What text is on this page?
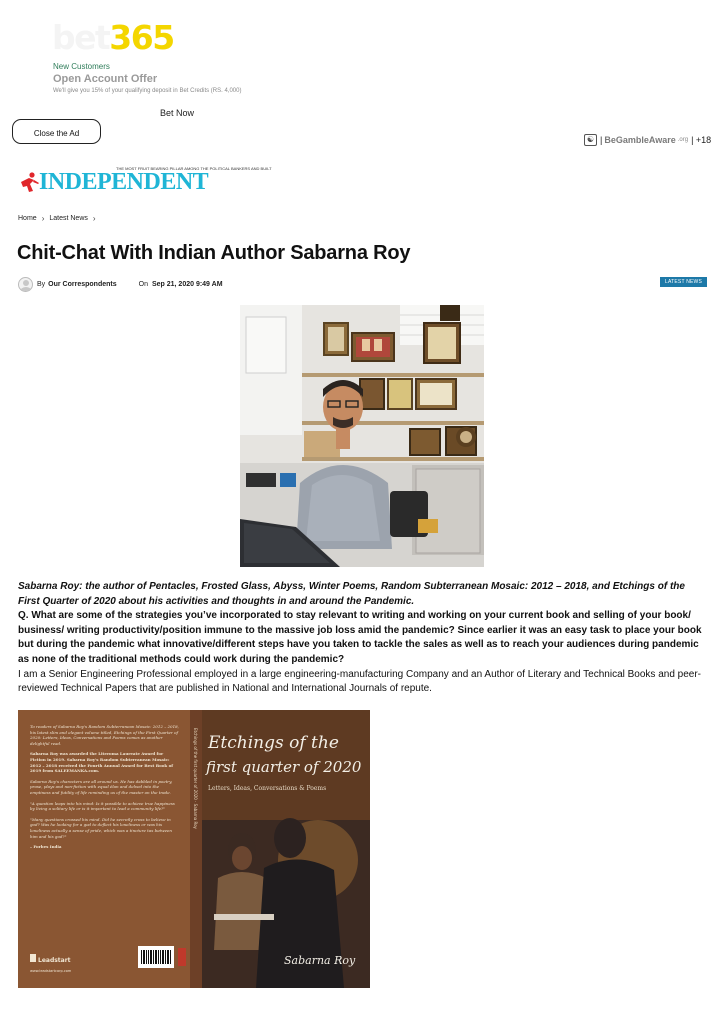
bet365
New Customers
Open Account Offer
We'll give you 15% of your qualifying deposit in Bet Credits (RS. 4,000)
Bet Now
Close the Ad
☯ | BeGambleAware .org | +18
THE MOST FRUIT BEARING PILLAR AMONG THE POLITICAL BANKERS AND BUILT
INDEPENDENT
Home › Latest News ›
Chit-Chat With Indian Author Sabarna Roy
By Our Correspondents	On Sep 21, 2020 9:49 AM	LATEST NEWS

Sabarna Roy: the author of Pentacles, Frosted Glass, Abyss, Winter Poems, Random Subterranean Mosaic: 2012 – 2018, and Etchings of the First Quarter of 2020 about his activities and thoughts in and around the Pandemic.

Q. What are some of the strategies you’ve incorporated to stay relevant to writing and working on your current book and selling of your book/ business/ writing productivity/position immune to the massive job loss amid the pandemic? Since earlier it was an easy task to place your book but during the pandemic what innovative/different steps have you taken to tackle the sales as well as to reach your audiences during pandemic as none of the traditional methods could work during the pandemic?

I am a Senior Engineering Professional employed in a large engineering-manufacturing Company and an Author of Literary and Technical Books and peer-reviewed Technical Papers that are published in National and International Journals of repute.

Etchings of the
first quarter of 2020
Letters, Ideas, Conversations & Poems
Sabarna Roy
Etchings of the first quarter of 2020 · Sabarna Roy
To readers of Sabarna Roy's Random Subterranean Mosaic: 2012 – 2018, his latest slim and elegant volume titled, Etchings of the First Quarter of 2020: Letters, Ideas, Conversations and Poems comes as another delightful read.
Sabarna Roy was awarded the Literoma Laureate Award for Fiction in 2019. Sabarna Roy's Random Subterranean Mosaic: 2012 – 2018 received the Fourth Annual Award for Best Book of 2019 from SALEEMANKA.com.
Sabarna Roy's characters are all around us. He has dabbled in poetry, prose, plays and non-fiction with equal élan and delved into the emptiness and futility of life reminding us of the master on the trade.
"A question leaps into his mind: Is it possible to achieve true happiness by living a solitary life or is it important to lead a community life?"
"Many questions crossed his mind. Did he secretly cross to believe in god? Was he looking for a god to deflect his loneliness or was his loneliness actually a sense of pride, which was a tincture tax between him and his god?"
– Forbes India
Leadstart
www.leadstartcorp.com
